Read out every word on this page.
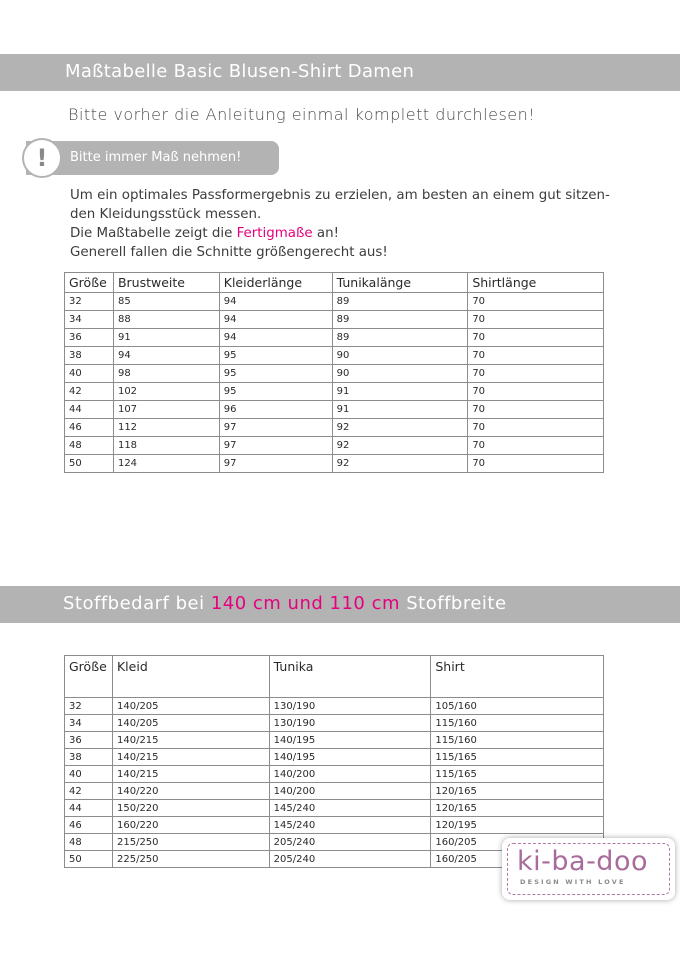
Maßtabelle Basic Blusen-Shirt Damen
Bitte vorher die Anleitung einmal komplett durchlesen!
! Bitte immer Maß nehmen!
Um ein optimales Passformergebnis zu erzielen, am besten an einem gut sitzen-
den Kleidungsstück messen.
Die Maßtabelle zeigt die Fertigmaße an!
Generell fallen die Schnitte größengerecht aus!
Größe	Brustweite	Kleiderlänge	Tunikalänge	Shirtlänge
32	85	94	89	70
34	88	94	89	70
36	91	94	89	70
38	94	95	90	70
40	98	95	90	70
42	102	95	91	70
44	107	96	91	70
46	112	97	92	70
48	118	97	92	70
50	124	97	92	70
Stoffbedarf bei 140 cm und 110 cm Stoffbreite
Größe	Kleid	Tunika	Shirt
32	140/205	130/190	105/160
34	140/205	130/190	115/160
36	140/215	140/195	115/160
38	140/215	140/195	115/165
40	140/215	140/200	115/165
42	140/220	140/200	120/165
44	150/220	145/240	120/165
46	160/220	145/240	120/195
48	215/250	205/240	160/205
50	225/250	205/240	160/205 ki-ba-doo
DESIGN WITH LOVE
